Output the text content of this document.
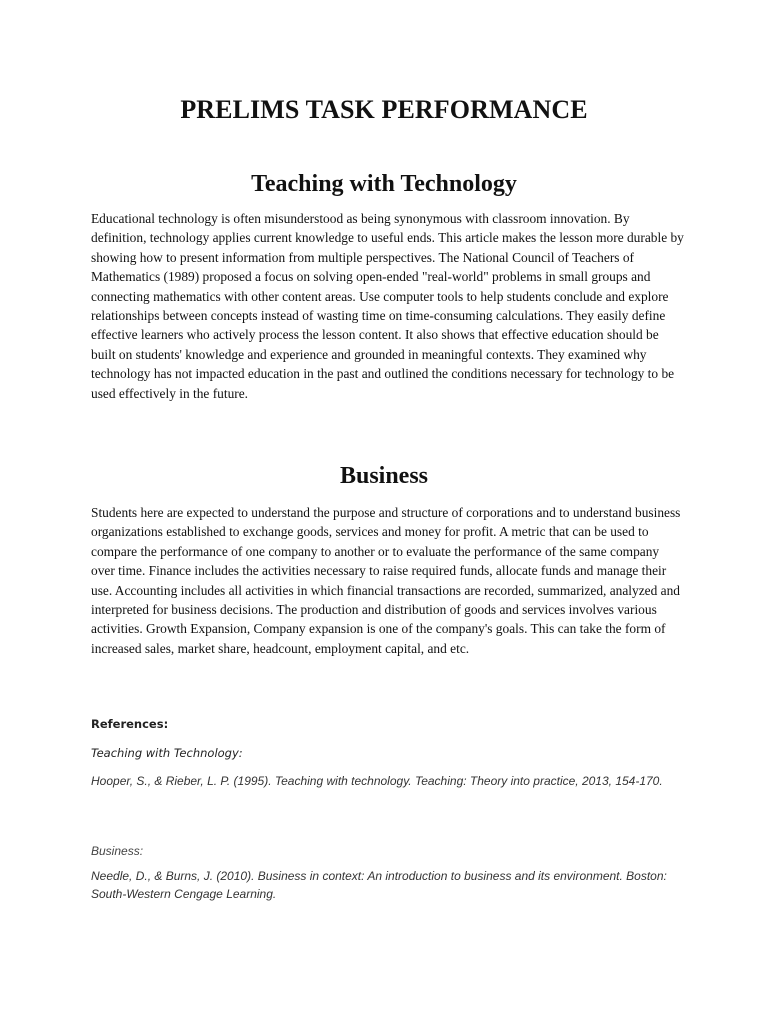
PRELIMS TASK PERFORMANCE
Teaching with Technology

Educational technology is often misunderstood as being synonymous with classroom innovation. By definition, technology applies current knowledge to useful ends. This article makes the lesson more durable by showing how to present information from multiple perspectives. The National Council of Teachers of Mathematics (1989) proposed a focus on solving open-ended "real-world" problems in small groups and connecting mathematics with other content areas. Use computer tools to help students conclude and explore relationships between concepts instead of wasting time on time-consuming calculations. They easily define effective learners who actively process the lesson content. It also shows that effective education should be built on students' knowledge and experience and grounded in meaningful contexts. They examined why technology has not impacted education in the past and outlined the conditions necessary for technology to be used effectively in the future.

Business

Students here are expected to understand the purpose and structure of corporations and to understand business organizations established to exchange goods, services and money for profit. A metric that can be used to compare the performance of one company to another or to evaluate the performance of the same company over time. Finance includes the activities necessary to raise required funds, allocate funds and manage their use. Accounting includes all activities in which financial transactions are recorded, summarized, analyzed and interpreted for business decisions. The production and distribution of goods and services involves various activities. Growth Expansion, Company expansion is one of the company's goals. This can take the form of increased sales, market share, headcount, employment capital, and etc.

References:

Teaching with Technology:

Hooper, S., & Rieber, L. P. (1995). Teaching with technology. Teaching: Theory into practice, 2013, 154-170.

Business:

Needle, D., & Burns, J. (2010). Business in context: An introduction to business and its environment. Boston: South-Western Cengage Learning.
